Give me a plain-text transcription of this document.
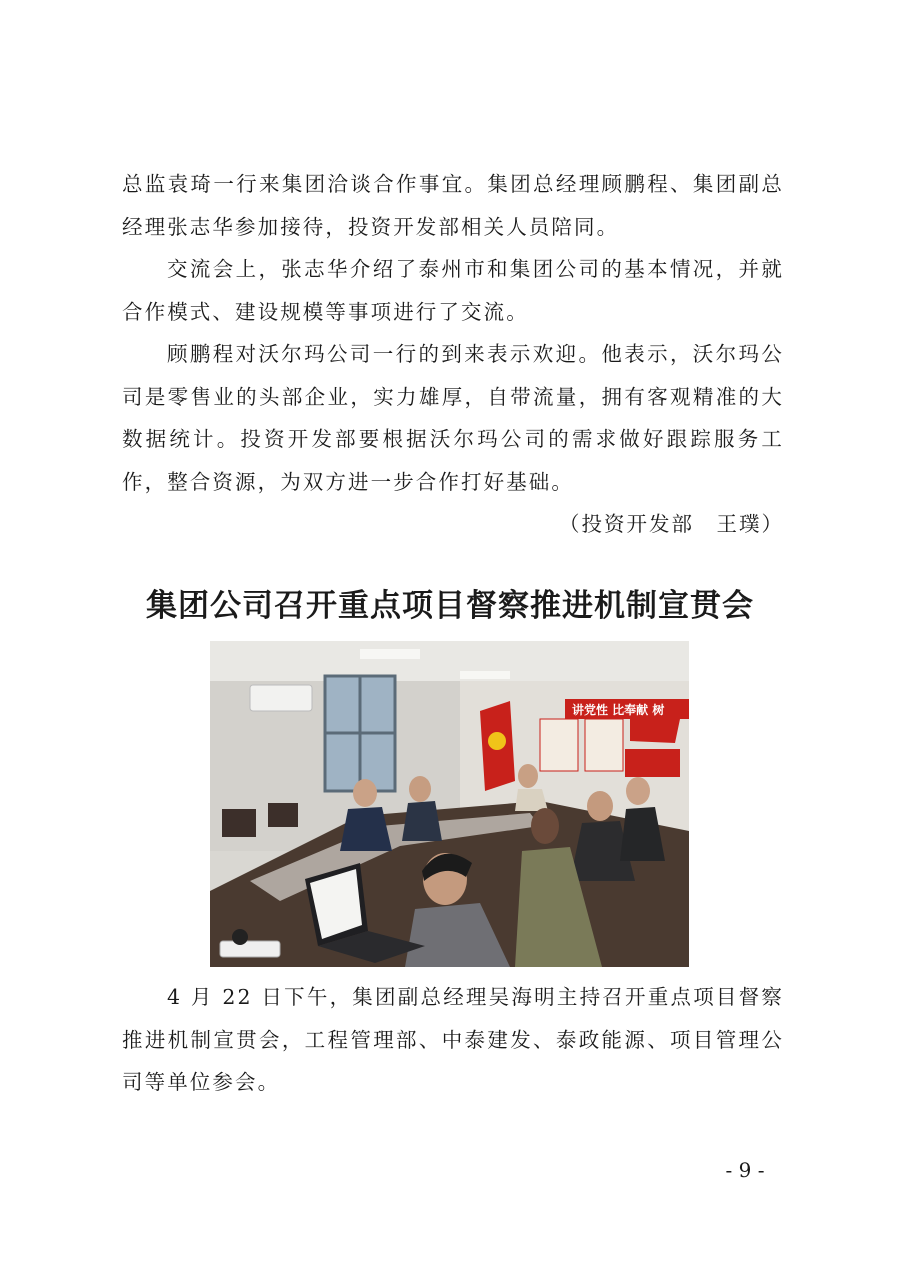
总监袁琦一行来集团洽谈合作事宜。集团总经理顾鹏程、集团副总经理张志华参加接待，投资开发部相关人员陪同。

交流会上，张志华介绍了泰州市和集团公司的基本情况，并就合作模式、建设规模等事项进行了交流。

顾鹏程对沃尔玛公司一行的到来表示欢迎。他表示，沃尔玛公司是零售业的头部企业，实力雄厚，自带流量，拥有客观精准的大数据统计。投资开发部要根据沃尔玛公司的需求做好跟踪服务工作，整合资源，为双方进一步合作打好基础。

（投资开发部　王璞）

集团公司召开重点项目督察推进机制宣贯会
讲党性 比奉献 树

4 月 22 日下午，集团副总经理吴海明主持召开重点项目督察推进机制宣贯会，工程管理部、中泰建发、泰政能源、项目管理公司等单位参会。

- 9 -
